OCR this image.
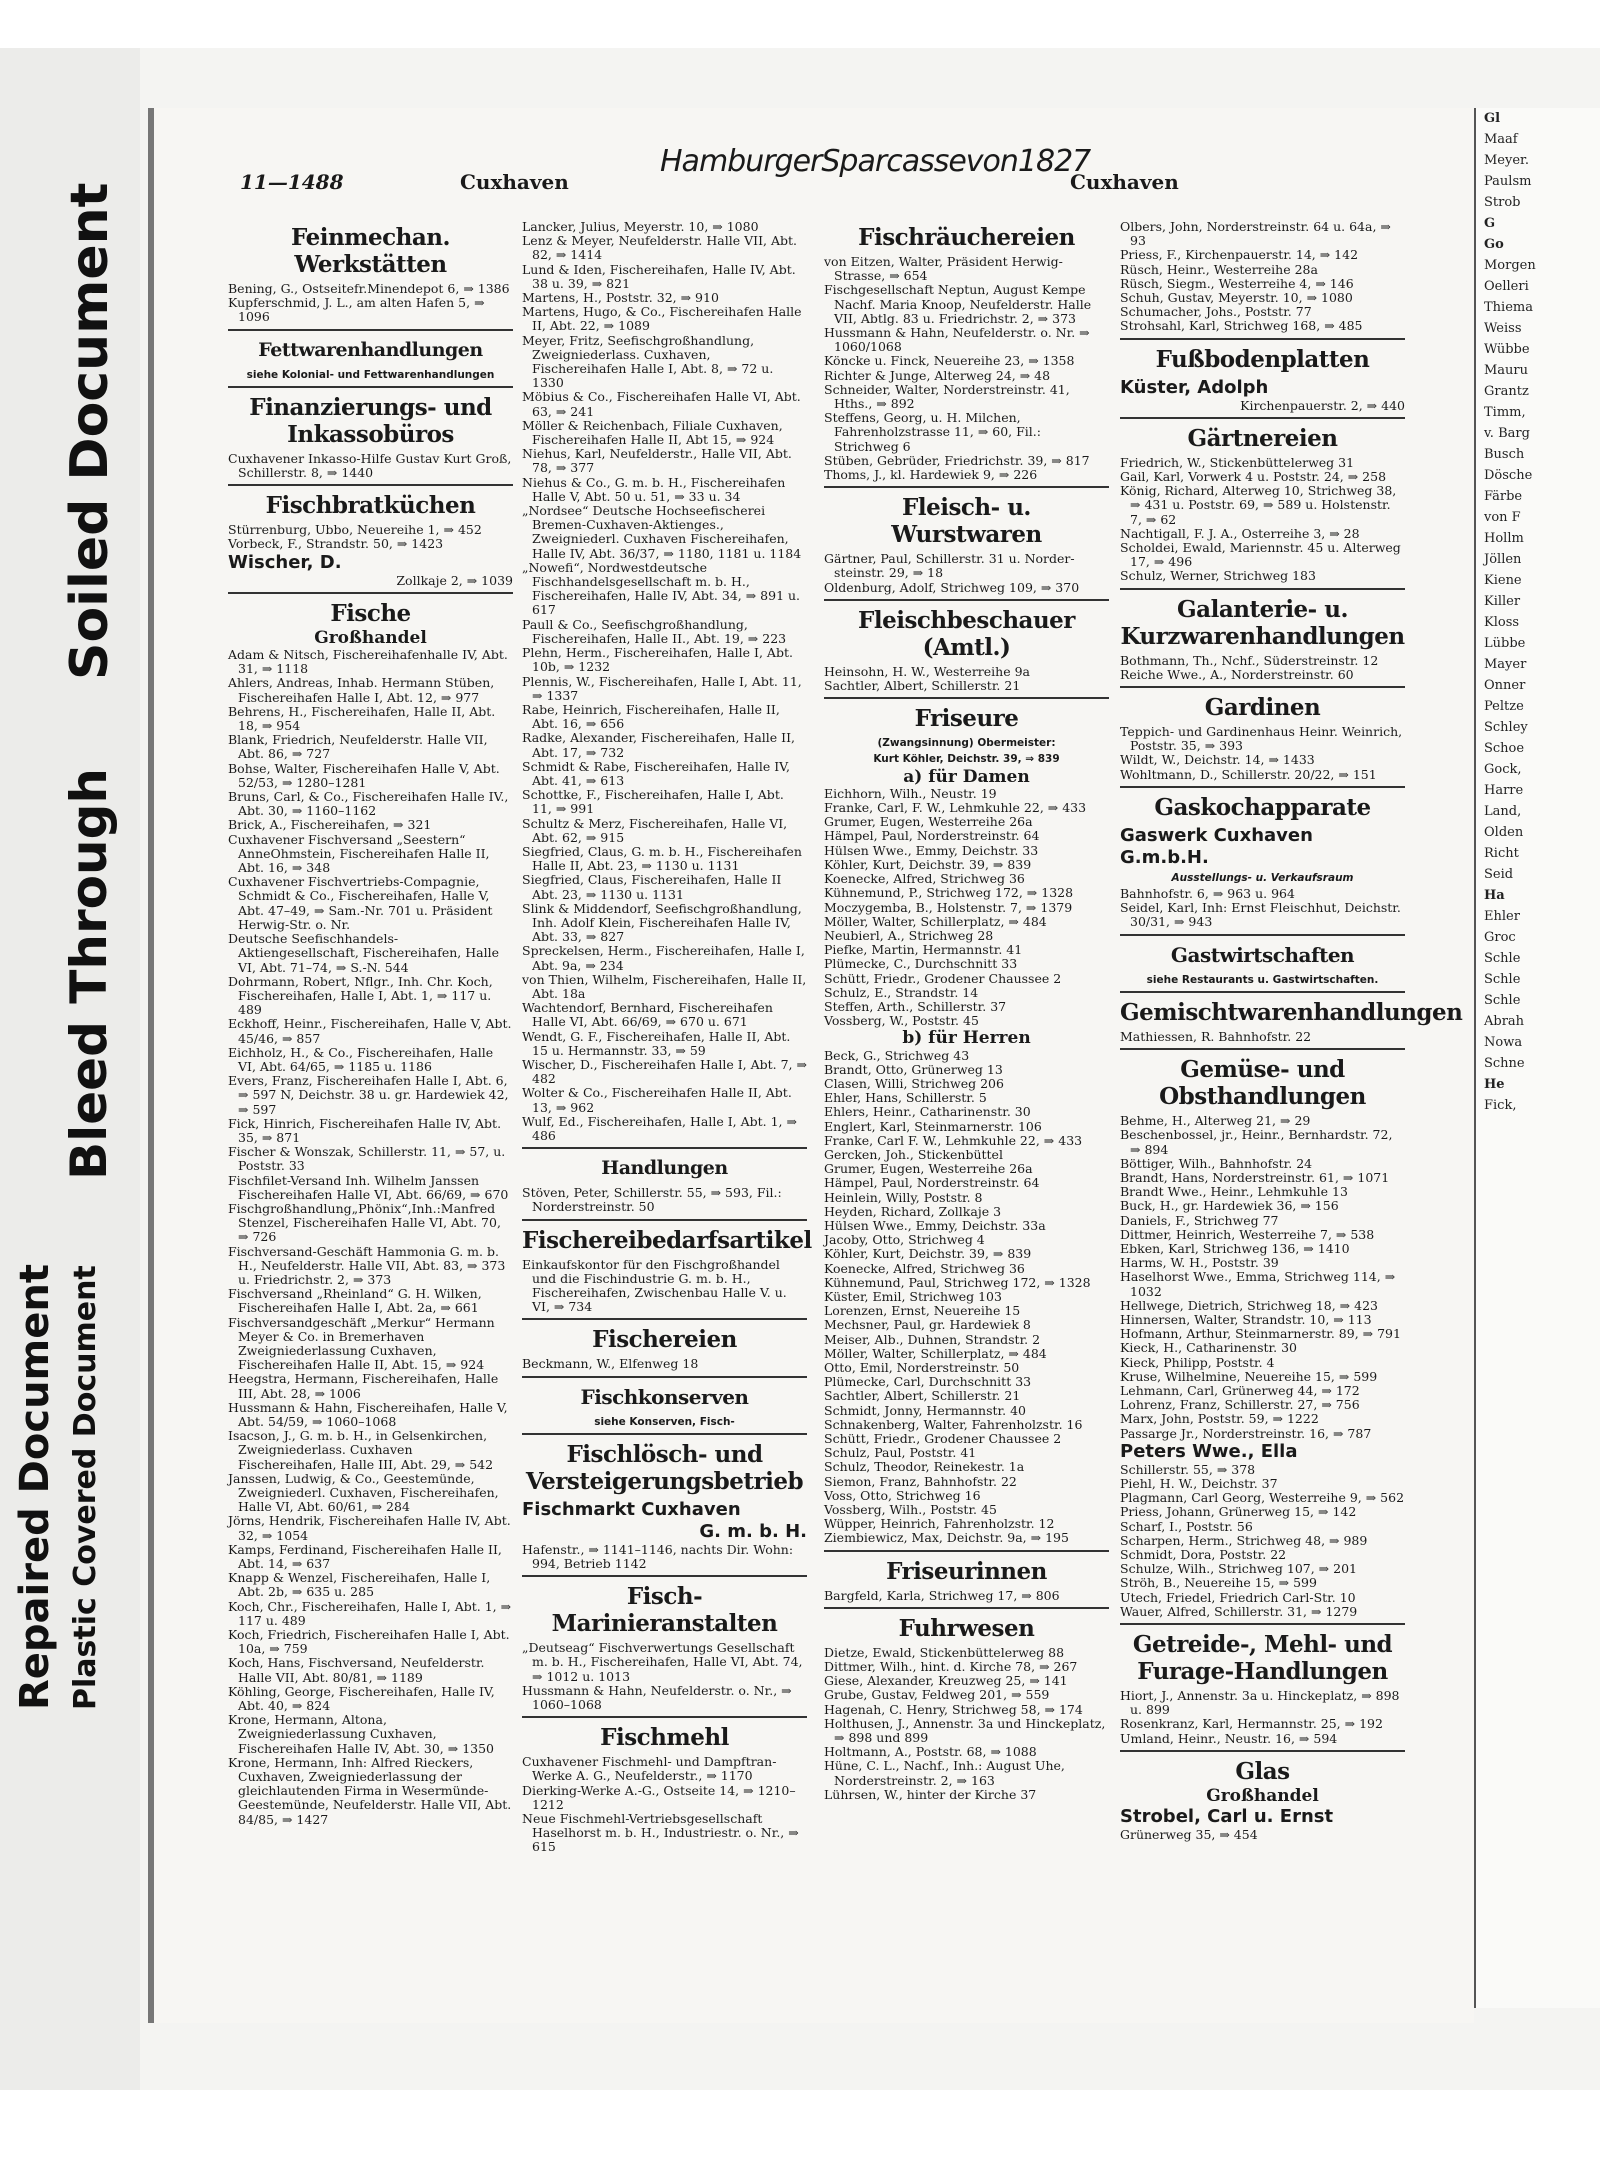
Repaired Document Plastic Covered Document
Bleed Through
Soiled Document
Gl
Maaf
Meyer.
Paulsm
Strob
G
Go
Morgen
Oelleri
Thiema
Weiss
Wübbe
Mauru
Grantz
Timm,
v. Barg
Busch
Dösche
Färbe
von F
Hollm
Jöllen
Kiene
Killer
Kloss
Lübbe
Mayer
Onner
Peltze
Schley
Schoe
Gock,
Harre
Land,
Olden
Richt
Seid
Ha
Ehler
Groc
Schle
Schle
Schle
Abrah
Nowa
Schne
He
Fick,
11—1488	Cuxhaven
HamburgerSparcassevon1827
Cuxhaven
Feinmechan. Werkstätten

Bening, G., Ostseitefr.Minendepot 6, ⇒ 1386

Kupferschmid, J. L., am alten Hafen 5, ⇒ 1096

Fettwarenhandlungen
siehe Kolonial- und Fettwarenhandlungen
Finanzierungs- und Inkassobüros

Cuxhavener Inkasso-Hilfe Gustav Kurt Groß, Schillerstr. 8, ⇒ 1440

Fischbratküchen

Stürrenburg, Ubbo, Neuereihe 1, ⇒ 452

Vorbeck, F., Strandstr. 50, ⇒ 1423

Wischer, D.
Zollkaje 2, ⇒ 1039
Fische
Großhandel

Adam & Nitsch, Fischereihafenhalle IV, Abt. 31, ⇒ 1118

Ahlers, Andreas, Inhab. Hermann Stüben, Fischereihafen Halle I, Abt. 12, ⇒ 977

Behrens, H., Fischereihafen, Halle II, Abt. 18, ⇒ 954

Blank, Friedrich, Neufelderstr. Halle VII, Abt. 86, ⇒ 727

Bohse, Walter, Fischereihafen Halle V, Abt. 52/53, ⇒ 1280–1281

Bruns, Carl, & Co., Fischereihafen Halle IV., Abt. 30, ⇒ 1160–1162

Brick, A., Fischereihafen, ⇒ 321

Cuxhavener Fischversand „Seestern“ AnneOhmstein, Fischereihafen Halle II, Abt. 16, ⇒ 348

Cuxhavener Fischvertriebs-Compagnie, Schmidt & Co., Fischereihafen, Halle V, Abt. 47–49, ⇒ Sam.-Nr. 701 u. Präsident Herwig-Str. o. Nr.

Deutsche Seefischhandels-Aktiengesellschaft, Fischereihafen, Halle VI, Abt. 71–74, ⇒ S.-N. 544

Dohrmann, Robert, Nflgr., Inh. Chr. Koch, Fischereihafen, Halle I, Abt. 1, ⇒ 117 u. 489

Eckhoff, Heinr., Fischereihafen, Halle V, Abt. 45/46, ⇒ 857

Eichholz, H., & Co., Fischereihafen, Halle VI, Abt. 64/65, ⇒ 1185 u. 1186

Evers, Franz, Fischereihafen Halle I, Abt. 6, ⇒ 597 N, Deichstr. 38 u. gr. Hardewiek 42, ⇒ 597

Fick, Hinrich, Fischereihafen Halle IV, Abt. 35, ⇒ 871

Fischer & Wonszak, Schillerstr. 11, ⇒ 57, u. Poststr. 33

Fischfilet-Versand Inh. Wilhelm Janssen Fischereihafen Halle VI, Abt. 66/69, ⇒ 670

Fischgroßhandlung„Phönix“,Inh.:Manfred Stenzel, Fischereihafen Halle VI, Abt. 70, ⇒ 726

Fischversand-Geschäft Hammonia G. m. b. H., Neufelderstr. Halle VII, Abt. 83, ⇒ 373 u. Friedrichstr. 2, ⇒ 373

Fischversand „Rheinland“ G. H. Wilken, Fischereihafen Halle I, Abt. 2a, ⇒ 661

Fischversandgeschäft „Merkur“ Hermann Meyer & Co. in Bremerhaven Zweigniederlassung Cuxhaven, Fischereihafen Halle II, Abt. 15, ⇒ 924

Heegstra, Hermann, Fischereihafen, Halle III, Abt. 28, ⇒ 1006

Hussmann & Hahn, Fischereihafen, Halle V, Abt. 54/59, ⇒ 1060–1068

Isacson, J., G. m. b. H., in Gelsenkirchen, Zweigniederlass. Cuxhaven Fischereihafen, Halle III, Abt. 29, ⇒ 542

Janssen, Ludwig, & Co., Geestemünde, Zweigniederl. Cuxhaven, Fischereihafen, Halle VI, Abt. 60/61, ⇒ 284

Jörns, Hendrik, Fischereihafen Halle IV, Abt. 32, ⇒ 1054

Kamps, Ferdinand, Fischereihafen Halle II, Abt. 14, ⇒ 637

Knapp & Wenzel, Fischereihafen, Halle I, Abt. 2b, ⇒ 635 u. 285

Koch, Chr., Fischereihafen, Halle I, Abt. 1, ⇒ 117 u. 489

Koch, Friedrich, Fischereihafen Halle I, Abt. 10a, ⇒ 759

Koch, Hans, Fischversand, Neufelderstr. Halle VII, Abt. 80/81, ⇒ 1189

Köhling, George, Fischereihafen, Halle IV, Abt. 40, ⇒ 824

Krone, Hermann, Altona, Zweigniederlassung Cuxhaven, Fischereihafen Halle IV, Abt. 30, ⇒ 1350

Krone, Hermann, Inh: Alfred Rieckers, Cuxhaven, Zweigniederlassung der gleichlautenden Firma in Wesermünde-Geestemünde, Neufelderstr. Halle VII, Abt. 84/85, ⇒ 1427

Lancker, Julius, Meyerstr. 10, ⇒ 1080

Lenz & Meyer, Neufelderstr. Halle VII, Abt. 82, ⇒ 1414

Lund & Iden, Fischereihafen, Halle IV, Abt. 38 u. 39, ⇒ 821

Martens, H., Poststr. 32, ⇒ 910

Martens, Hugo, & Co., Fischereihafen Halle II, Abt. 22, ⇒ 1089

Meyer, Fritz, Seefischgroßhandlung, Zweigniederlass. Cuxhaven, Fischereihafen Halle I, Abt. 8, ⇒ 72 u. 1330

Möbius & Co., Fischereihafen Halle VI, Abt. 63, ⇒ 241

Möller & Reichenbach, Filiale Cuxhaven, Fischereihafen Halle II, Abt 15, ⇒ 924

Niehus, Karl, Neufelderstr., Halle VII, Abt. 78, ⇒ 377

Niehus & Co., G. m. b. H., Fischereihafen Halle V, Abt. 50 u. 51, ⇒ 33 u. 34

„Nordsee“ Deutsche Hochseefischerei Bremen-Cuxhaven-Aktienges., Zweigniederl. Cuxhaven Fischereihafen, Halle IV, Abt. 36/37, ⇒ 1180, 1181 u. 1184

„Nowefi“, Nordwestdeutsche Fischhandelsgesellschaft m. b. H., Fischereihafen, Halle IV, Abt. 34, ⇒ 891 u. 617

Paull & Co., Seefischgroßhandlung, Fischereihafen, Halle II., Abt. 19, ⇒ 223

Plehn, Herm., Fischereihafen, Halle I, Abt. 10b, ⇒ 1232

Plennis, W., Fischereihafen, Halle I, Abt. 11, ⇒ 1337

Rabe, Heinrich, Fischereihafen, Halle II, Abt. 16, ⇒ 656

Radke, Alexander, Fischereihafen, Halle II, Abt. 17, ⇒ 732

Schmidt & Rabe, Fischereihafen, Halle IV, Abt. 41, ⇒ 613

Schottke, F., Fischereihafen, Halle I, Abt. 11, ⇒ 991

Schultz & Merz, Fischereihafen, Halle VI, Abt. 62, ⇒ 915

Siegfried, Claus, G. m. b. H., Fischereihafen Halle II, Abt. 23, ⇒ 1130 u. 1131

Siegfried, Claus, Fischereihafen, Halle II Abt. 23, ⇒ 1130 u. 1131

Slink & Middendorf, Seefischgroßhandlung, Inh. Adolf Klein, Fischereihafen Halle IV, Abt. 33, ⇒ 827

Spreckelsen, Herm., Fischereihafen, Halle I, Abt. 9a, ⇒ 234

von Thien, Wilhelm, Fischereihafen, Halle II, Abt. 18a

Wachtendorf, Bernhard, Fischereihafen Halle VI, Abt. 66/69, ⇒ 670 u. 671

Wendt, G. F., Fischereihafen, Halle II, Abt. 15 u. Hermannstr. 33, ⇒ 59

Wischer, D., Fischereihafen Halle I, Abt. 7, ⇒ 482

Wolter & Co., Fischereihafen Halle II, Abt. 13, ⇒ 962

Wulf, Ed., Fischereihafen, Halle I, Abt. 1, ⇒ 486

Handlungen

Stöven, Peter, Schillerstr. 55, ⇒ 593, Fil.: Norderstreinstr. 50

Fischereibedarfsartikel

Einkaufskontor für den Fischgroßhandel und die Fischindustrie G. m. b. H., Fischereihafen, Zwischenbau Halle V. u. VI, ⇒ 734

Fischereien

Beckmann, W., Elfenweg 18

Fischkonserven
siehe Konserven, Fisch-
Fischlösch- und Versteigerungsbetrieb
Fischmarkt Cuxhaven
G. m. b. H.

Hafenstr., ⇒ 1141–1146, nachts Dir. Wohn: 994, Betrieb 1142

Fisch-Marinieranstalten

„Deutseag“ Fischverwertungs Gesellschaft m. b. H., Fischereihafen, Halle VI, Abt. 74, ⇒ 1012 u. 1013

Hussmann & Hahn, Neufelderstr. o. Nr., ⇒ 1060–1068

Fischmehl

Cuxhavener Fischmehl- und Dampftran-Werke A. G., Neufelderstr., ⇒ 1170

Dierking-Werke A.-G., Ostseite 14, ⇒ 1210–1212

Neue Fischmehl-Vertriebsgesellschaft Haselhorst m. b. H., Industriestr. o. Nr., ⇒ 615

Fischräuchereien

von Eitzen, Walter, Präsident Herwig-Strasse, ⇒ 654

Fischgesellschaft Neptun, August Kempe Nachf. Maria Knoop, Neufelderstr. Halle VII, Abtlg. 83 u. Friedrichstr. 2, ⇒ 373

Hussmann & Hahn, Neufelderstr. o. Nr. ⇒ 1060/1068

Köncke u. Finck, Neuereihe 23, ⇒ 1358

Richter & Junge, Alterweg 24, ⇒ 48

Schneider, Walter, Norderstreinstr. 41, Hths., ⇒ 892

Steffens, Georg, u. H. Milchen, Fahrenholzstrasse 11, ⇒ 60, Fil.: Strichweg 6

Stüben, Gebrüder, Friedrichstr. 39, ⇒ 817

Thoms, J., kl. Hardewiek 9, ⇒ 226

Fleisch- u. Wurstwaren

Gärtner, Paul, Schillerstr. 31 u. Norder-steinstr. 29, ⇒ 18

Oldenburg, Adolf, Strichweg 109, ⇒ 370

Fleischbeschauer (Amtl.)

Heinsohn, H. W., Westerreihe 9a

Sachtler, Albert, Schillerstr. 21

Friseure
(Zwangsinnung) Obermeister:
Kurt Köhler, Deichstr. 39, ⇒ 839
a) für Damen

Eichhorn, Wilh., Neustr. 19

Franke, Carl, F. W., Lehmkuhle 22, ⇒ 433

Grumer, Eugen, Westerreihe 26a

Hämpel, Paul, Norderstreinstr. 64

Hülsen Wwe., Emmy, Deichstr. 33

Köhler, Kurt, Deichstr. 39, ⇒ 839

Koenecke, Alfred, Strichweg 36

Kühnemund, P., Strichweg 172, ⇒ 1328

Moczygemba, B., Holstenstr. 7, ⇒ 1379

Möller, Walter, Schillerplatz, ⇒ 484

Neubierl, A., Strichweg 28

Piefke, Martin, Hermannstr. 41

Plümecke, C., Durchschnitt 33

Schütt, Friedr., Grodener Chaussee 2

Schulz, E., Strandstr. 14

Steffen, Arth., Schillerstr. 37

Vossberg, W., Poststr. 45

b) für Herren

Beck, G., Strichweg 43

Brandt, Otto, Grünerweg 13

Clasen, Willi, Strichweg 206

Ehler, Hans, Schillerstr. 5

Ehlers, Heinr., Catharinenstr. 30

Englert, Karl, Steinmarnerstr. 106

Franke, Carl F. W., Lehmkuhle 22, ⇒ 433

Gercken, Joh., Stickenbüttel

Grumer, Eugen, Westerreihe 26a

Hämpel, Paul, Norderstreinstr. 64

Heinlein, Willy, Poststr. 8

Heyden, Richard, Zollkaje 3

Hülsen Wwe., Emmy, Deichstr. 33a

Jacoby, Otto, Strichweg 4

Köhler, Kurt, Deichstr. 39, ⇒ 839

Koenecke, Alfred, Strichweg 36

Kühnemund, Paul, Strichweg 172, ⇒ 1328

Küster, Emil, Strichweg 103

Lorenzen, Ernst, Neuereihe 15

Mechsner, Paul, gr. Hardewiek 8

Meiser, Alb., Duhnen, Strandstr. 2

Möller, Walter, Schillerplatz, ⇒ 484

Otto, Emil, Norderstreinstr. 50

Plümecke, Carl, Durchschnitt 33

Sachtler, Albert, Schillerstr. 21

Schmidt, Jonny, Hermannstr. 40

Schnakenberg, Walter, Fahrenholzstr. 16

Schütt, Friedr., Grodener Chaussee 2

Schulz, Paul, Poststr. 41

Schulz, Theodor, Reinekestr. 1a

Siemon, Franz, Bahnhofstr. 22

Voss, Otto, Strichweg 16

Vossberg, Wilh., Poststr. 45

Wüpper, Heinrich, Fahrenholzstr. 12

Ziembiewicz, Max, Deichstr. 9a, ⇒ 195

Friseurinnen

Bargfeld, Karla, Strichweg 17, ⇒ 806

Fuhrwesen

Dietze, Ewald, Stickenbüttelerweg 88

Dittmer, Wilh., hint. d. Kirche 78, ⇒ 267

Giese, Alexander, Kreuzweg 25, ⇒ 141

Grube, Gustav, Feldweg 201, ⇒ 559

Hagenah, C. Henry, Strichweg 58, ⇒ 174

Holthusen, J., Annenstr. 3a und Hinckeplatz, ⇒ 898 und 899

Holtmann, A., Poststr. 68, ⇒ 1088

Hüne, C. L., Nachf., Inh.: August Uhe, Norderstreinstr. 2, ⇒ 163

Lührsen, W., hinter der Kirche 37

Olbers, John, Norderstreinstr. 64 u. 64a, ⇒ 93

Priess, F., Kirchenpauerstr. 14, ⇒ 142

Rüsch, Heinr., Westerreihe 28a

Rüsch, Siegm., Westerreihe 4, ⇒ 146

Schuh, Gustav, Meyerstr. 10, ⇒ 1080

Schumacher, Johs., Poststr. 77

Strohsahl, Karl, Strichweg 168, ⇒ 485

Fußbodenplatten
Küster, Adolph
Kirchenpauerstr. 2, ⇒ 440
Gärtnereien

Friedrich, W., Stickenbüttelerweg 31

Gail, Karl, Vorwerk 4 u. Poststr. 24, ⇒ 258

König, Richard, Alterweg 10, Strichweg 38, ⇒ 431 u. Poststr. 69, ⇒ 589 u. Holstenstr. 7, ⇒ 62

Nachtigall, F. J. A., Osterreihe 3, ⇒ 28

Scholdei, Ewald, Mariennstr. 45 u. Alterweg 17, ⇒ 496

Schulz, Werner, Strichweg 183

Galanterie- u. Kurzwarenhandlungen

Bothmann, Th., Nchf., Süderstreinstr. 12

Reiche Wwe., A., Norderstreinstr. 60

Gardinen

Teppich- und Gardinenhaus Heinr. Weinrich, Poststr. 35, ⇒ 393

Wildt, W., Deichstr. 14, ⇒ 1433

Wohltmann, D., Schillerstr. 20/22, ⇒ 151

Gaskochapparate
Gaswerk Cuxhaven G.m.b.H.
Ausstellungs- u. Verkaufsraum

Bahnhofstr. 6, ⇒ 963 u. 964

Seidel, Karl, Inh: Ernst Fleischhut, Deichstr. 30/31, ⇒ 943

Gastwirtschaften
siehe Restaurants u. Gastwirtschaften.
Gemischtwarenhandlungen

Mathiessen, R. Bahnhofstr. 22

Gemüse- und Obsthandlungen

Behme, H., Alterweg 21, ⇒ 29

Beschenbossel, jr., Heinr., Bernhardstr. 72, ⇒ 894

Böttiger, Wilh., Bahnhofstr. 24

Brandt, Hans, Norderstreinstr. 61, ⇒ 1071

Brandt Wwe., Heinr., Lehmkuhle 13

Buck, H., gr. Hardewiek 36, ⇒ 156

Daniels, F., Strichweg 77

Dittmer, Heinrich, Westerreihe 7, ⇒ 538

Ebken, Karl, Strichweg 136, ⇒ 1410

Harms, W. H., Poststr. 39

Haselhorst Wwe., Emma, Strichweg 114, ⇒ 1032

Hellwege, Dietrich, Strichweg 18, ⇒ 423

Hinnersen, Walter, Strandstr. 10, ⇒ 113

Hofmann, Arthur, Steinmarnerstr. 89, ⇒ 791

Kieck, H., Catharinenstr. 30

Kieck, Philipp, Poststr. 4

Kruse, Wilhelmine, Neuereihe 15, ⇒ 599

Lehmann, Carl, Grünerweg 44, ⇒ 172

Lohrenz, Franz, Schillerstr. 27, ⇒ 756

Marx, John, Poststr. 59, ⇒ 1222

Passarge Jr., Norderstreinstr. 16, ⇒ 787

Peters Wwe., Ella

Schillerstr. 55, ⇒ 378

Piehl, H. W., Deichstr. 37

Plagmann, Carl Georg, Westerreihe 9, ⇒ 562

Priess, Johann, Grünerweg 15, ⇒ 142

Scharf, I., Poststr. 56

Scharpen, Herm., Strichweg 48, ⇒ 989

Schmidt, Dora, Poststr. 22

Schulze, Wilh., Strichweg 107, ⇒ 201

Ströh, B., Neuereihe 15, ⇒ 599

Utech, Friedel, Friedrich Carl-Str. 10

Wauer, Alfred, Schillerstr. 31, ⇒ 1279

Getreide-, Mehl- und Furage-Handlungen

Hiort, J., Annenstr. 3a u. Hinckeplatz, ⇒ 898 u. 899

Rosenkranz, Karl, Hermannstr. 25, ⇒ 192

Umland, Heinr., Neustr. 16, ⇒ 594

Glas
Großhandel
Strobel, Carl u. Ernst

Grünerweg 35, ⇒ 454
